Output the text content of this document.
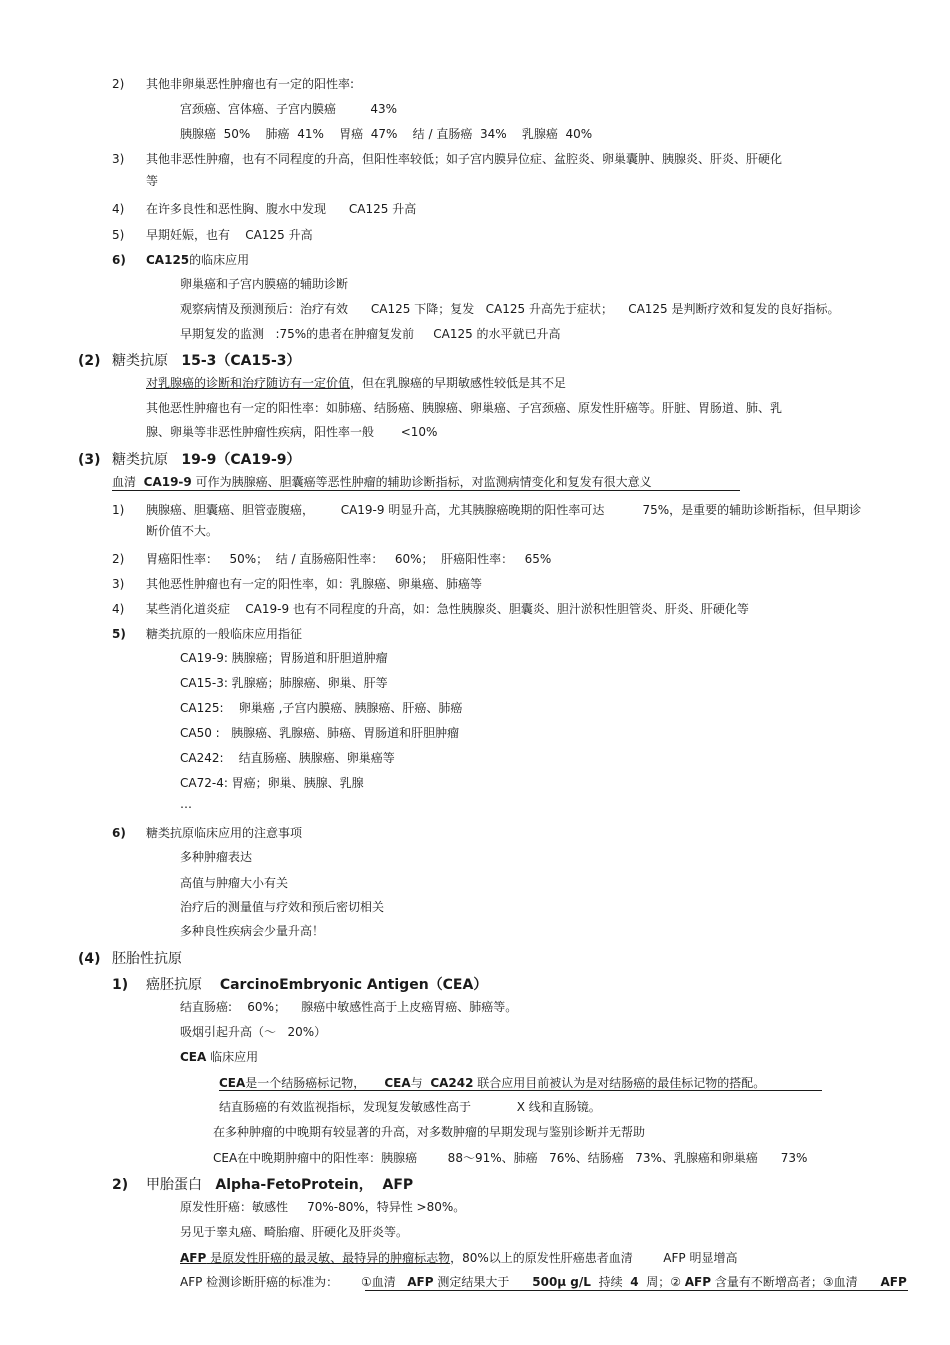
2) 其他非卵巢恶性肿瘤也有一定的阳性率:
宫颈癌、宫体癌、子宫内膜癌         43%
胰腺癌  50%    肺癌  41%    胃癌  47%    结 / 直肠癌  34%    乳腺癌  40%
3) 其他非恶性肿瘤，也有不同程度的升高，但阳性率较低；如子宫内膜异位症、盆腔炎、卵巢囊肿、胰腺炎、肝炎、肝硬化
等
4) 在许多良性和恶性胸、腹水中发现      CA125 升高
5) 早期妊娠，也有    CA125 升高
6) CA125的临床应用
卵巢癌和子宫内膜癌的辅助诊断
观察病情及预测预后：治疗有效      CA125 下降；复发   CA125 升高先于症状；    CA125 是判断疗效和复发的良好指标。
早期复发的监测   :75%的患者在肿瘤复发前     CA125 的水平就已升高
(2) 糖类抗原   15-3（CA15-3）
对乳腺癌的诊断和治疗随访有一定价值，但在乳腺癌的早期敏感性较低是其不足
其他恶性肿瘤也有一定的阳性率：如肺癌、结肠癌、胰腺癌、卵巢癌、子宫颈癌、原发性肝癌等。肝脏、胃肠道、肺、乳
腺、卵巢等非恶性肿瘤性疾病，阳性率一般       <10%
(3) 糖类抗原   19-9（CA19-9）
血清  CA19-9 可作为胰腺癌、胆囊癌等恶性肿瘤的辅助诊断指标，对监测病情变化和复发有很大意义
1) 胰腺癌、胆囊癌、胆管壶腹癌，       CA19-9 明显升高，尤其胰腺癌晚期的阳性率可达          75%，是重要的辅助诊断指标，但早期诊
断价值不大。
2) 胃癌阳性率：   50%；  结 / 直肠癌阳性率：   60%；  肝癌阳性率：   65%
3) 其他恶性肿瘤也有一定的阳性率，如：乳腺癌、卵巢癌、肺癌等
4) 某些消化道炎症    CA19-9 也有不同程度的升高，如：急性胰腺炎、胆囊炎、胆汁淤积性胆管炎、肝炎、肝硬化等
5) 糖类抗原的一般临床应用指征
CA19-9: 胰腺癌；胃肠道和肝胆道肿瘤
CA15-3: 乳腺癌；肺腺癌、卵巢、肝等
CA125:    卵巢癌 ,子宫内膜癌、胰腺癌、肝癌、肺癌
CA50 :   胰腺癌、乳腺癌、肺癌、胃肠道和肝胆肿瘤
CA242:    结直肠癌、胰腺癌、卵巢癌等
CA72-4: 胃癌；卵巢、胰腺、乳腺
…
6) 糖类抗原临床应用的注意事项
多种肿瘤表达
高值与肿瘤大小有关
治疗后的测量值与疗效和预后密切相关
多种良性疾病会少量升高！
(4) 胚胎性抗原
1) 癌胚抗原    CarcinoEmbryonic Antigen（CEA）
结直肠癌:    60%；    腺癌中敏感性高于上皮癌胃癌、肺癌等。
吸烟引起升高（～   20%）
CEA 临床应用
CEA是一个结肠癌标记物，     CEA与  CA242 联合应用目前被认为是对结肠癌的最佳标记物的搭配。
结直肠癌的有效监视指标，发现复发敏感性高于            X 线和直肠镜。
在多种肿瘤的中晚期有较显著的升高，对多数肿瘤的早期发现与鉴别诊断并无帮助
CEA在中晚期肿瘤中的阳性率：胰腺癌        88～91%、肺癌   76%、结肠癌   73%、乳腺癌和卵巢癌      73%
2) 甲胎蛋白   Alpha-FetoProtein，  AFP
原发性肝癌：敏感性     70%-80%，特异性 >80%。
另见于睾丸癌、畸胎瘤、肝硬化及肝炎等。
AFP 是原发性肝癌的最灵敏、最特异的肿瘤标志物，80%以上的原发性肝癌患者血清        AFP 明显增高
AFP 检测诊断肝癌的标准为：      ①血清   AFP 测定结果大于      500μ g/L  持续  4  周；② AFP 含量有不断增高者；③血清      AFP
